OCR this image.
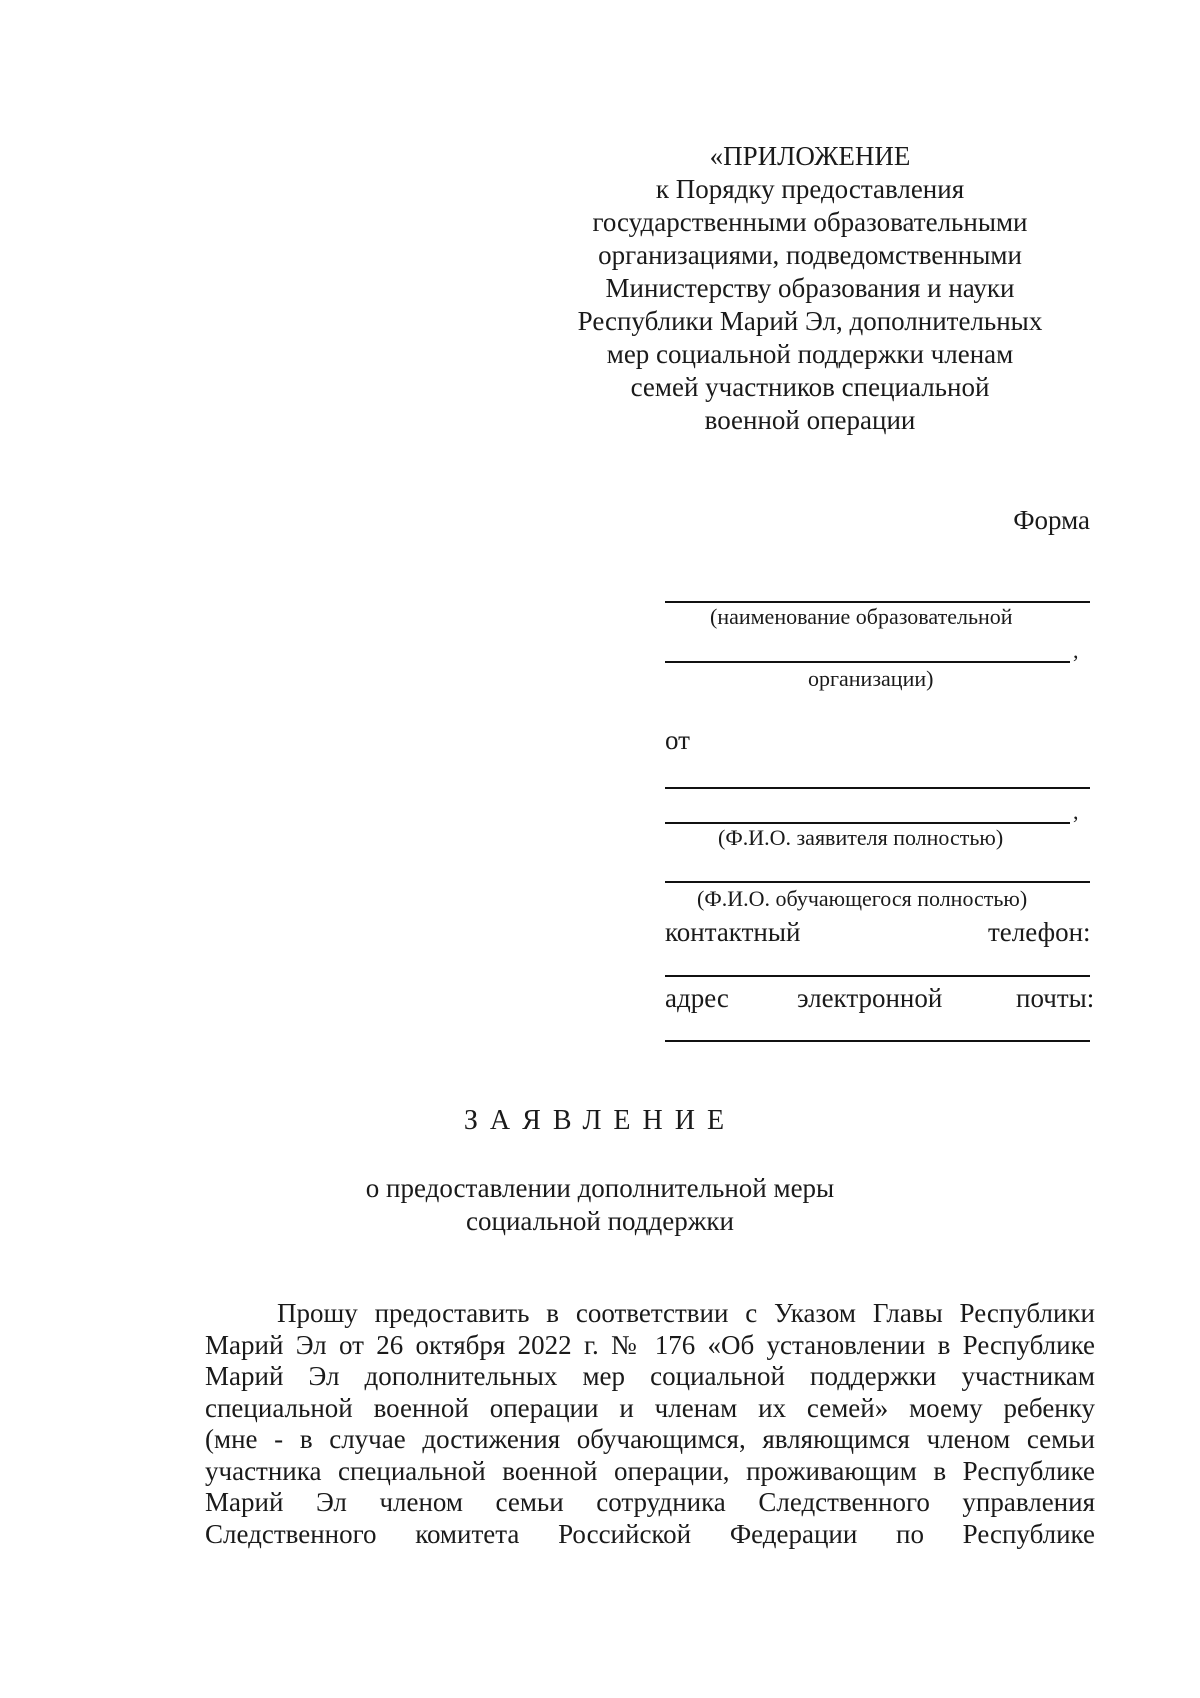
«ПРИЛОЖЕНИЕ
к Порядку предоставления
государственными образовательными
организациями, подведомственными
Министерству образования и науки
Республики Марий Эл, дополнительных
мер социальной поддержки членам
семей участников специальной
военной операции
Форма
(наименование образовательной
,
организации)
от
,
(Ф.И.О. заявителя полностью)
(Ф.И.О. обучающегося полностью)
контактный	телефон:
адрес	электронной	почты:
ЗАЯВЛЕНИЕ
о предоставлении дополнительной меры
социальной поддержки
Прошу предоставить в соответствии с Указом Главы Республики
Марий Эл от 26 октября 2022 г. № 176 «Об установлении в Республике
Марий Эл дополнительных мер социальной поддержки участникам
специальной военной операции и членам их семей» моему ребенку
(мне - в случае достижения обучающимся, являющимся членом семьи
участника специальной военной операции, проживающим в Республике
Марий Эл членом семьи сотрудника Следственного управления
Следственного комитета Российской Федерации по Республике
